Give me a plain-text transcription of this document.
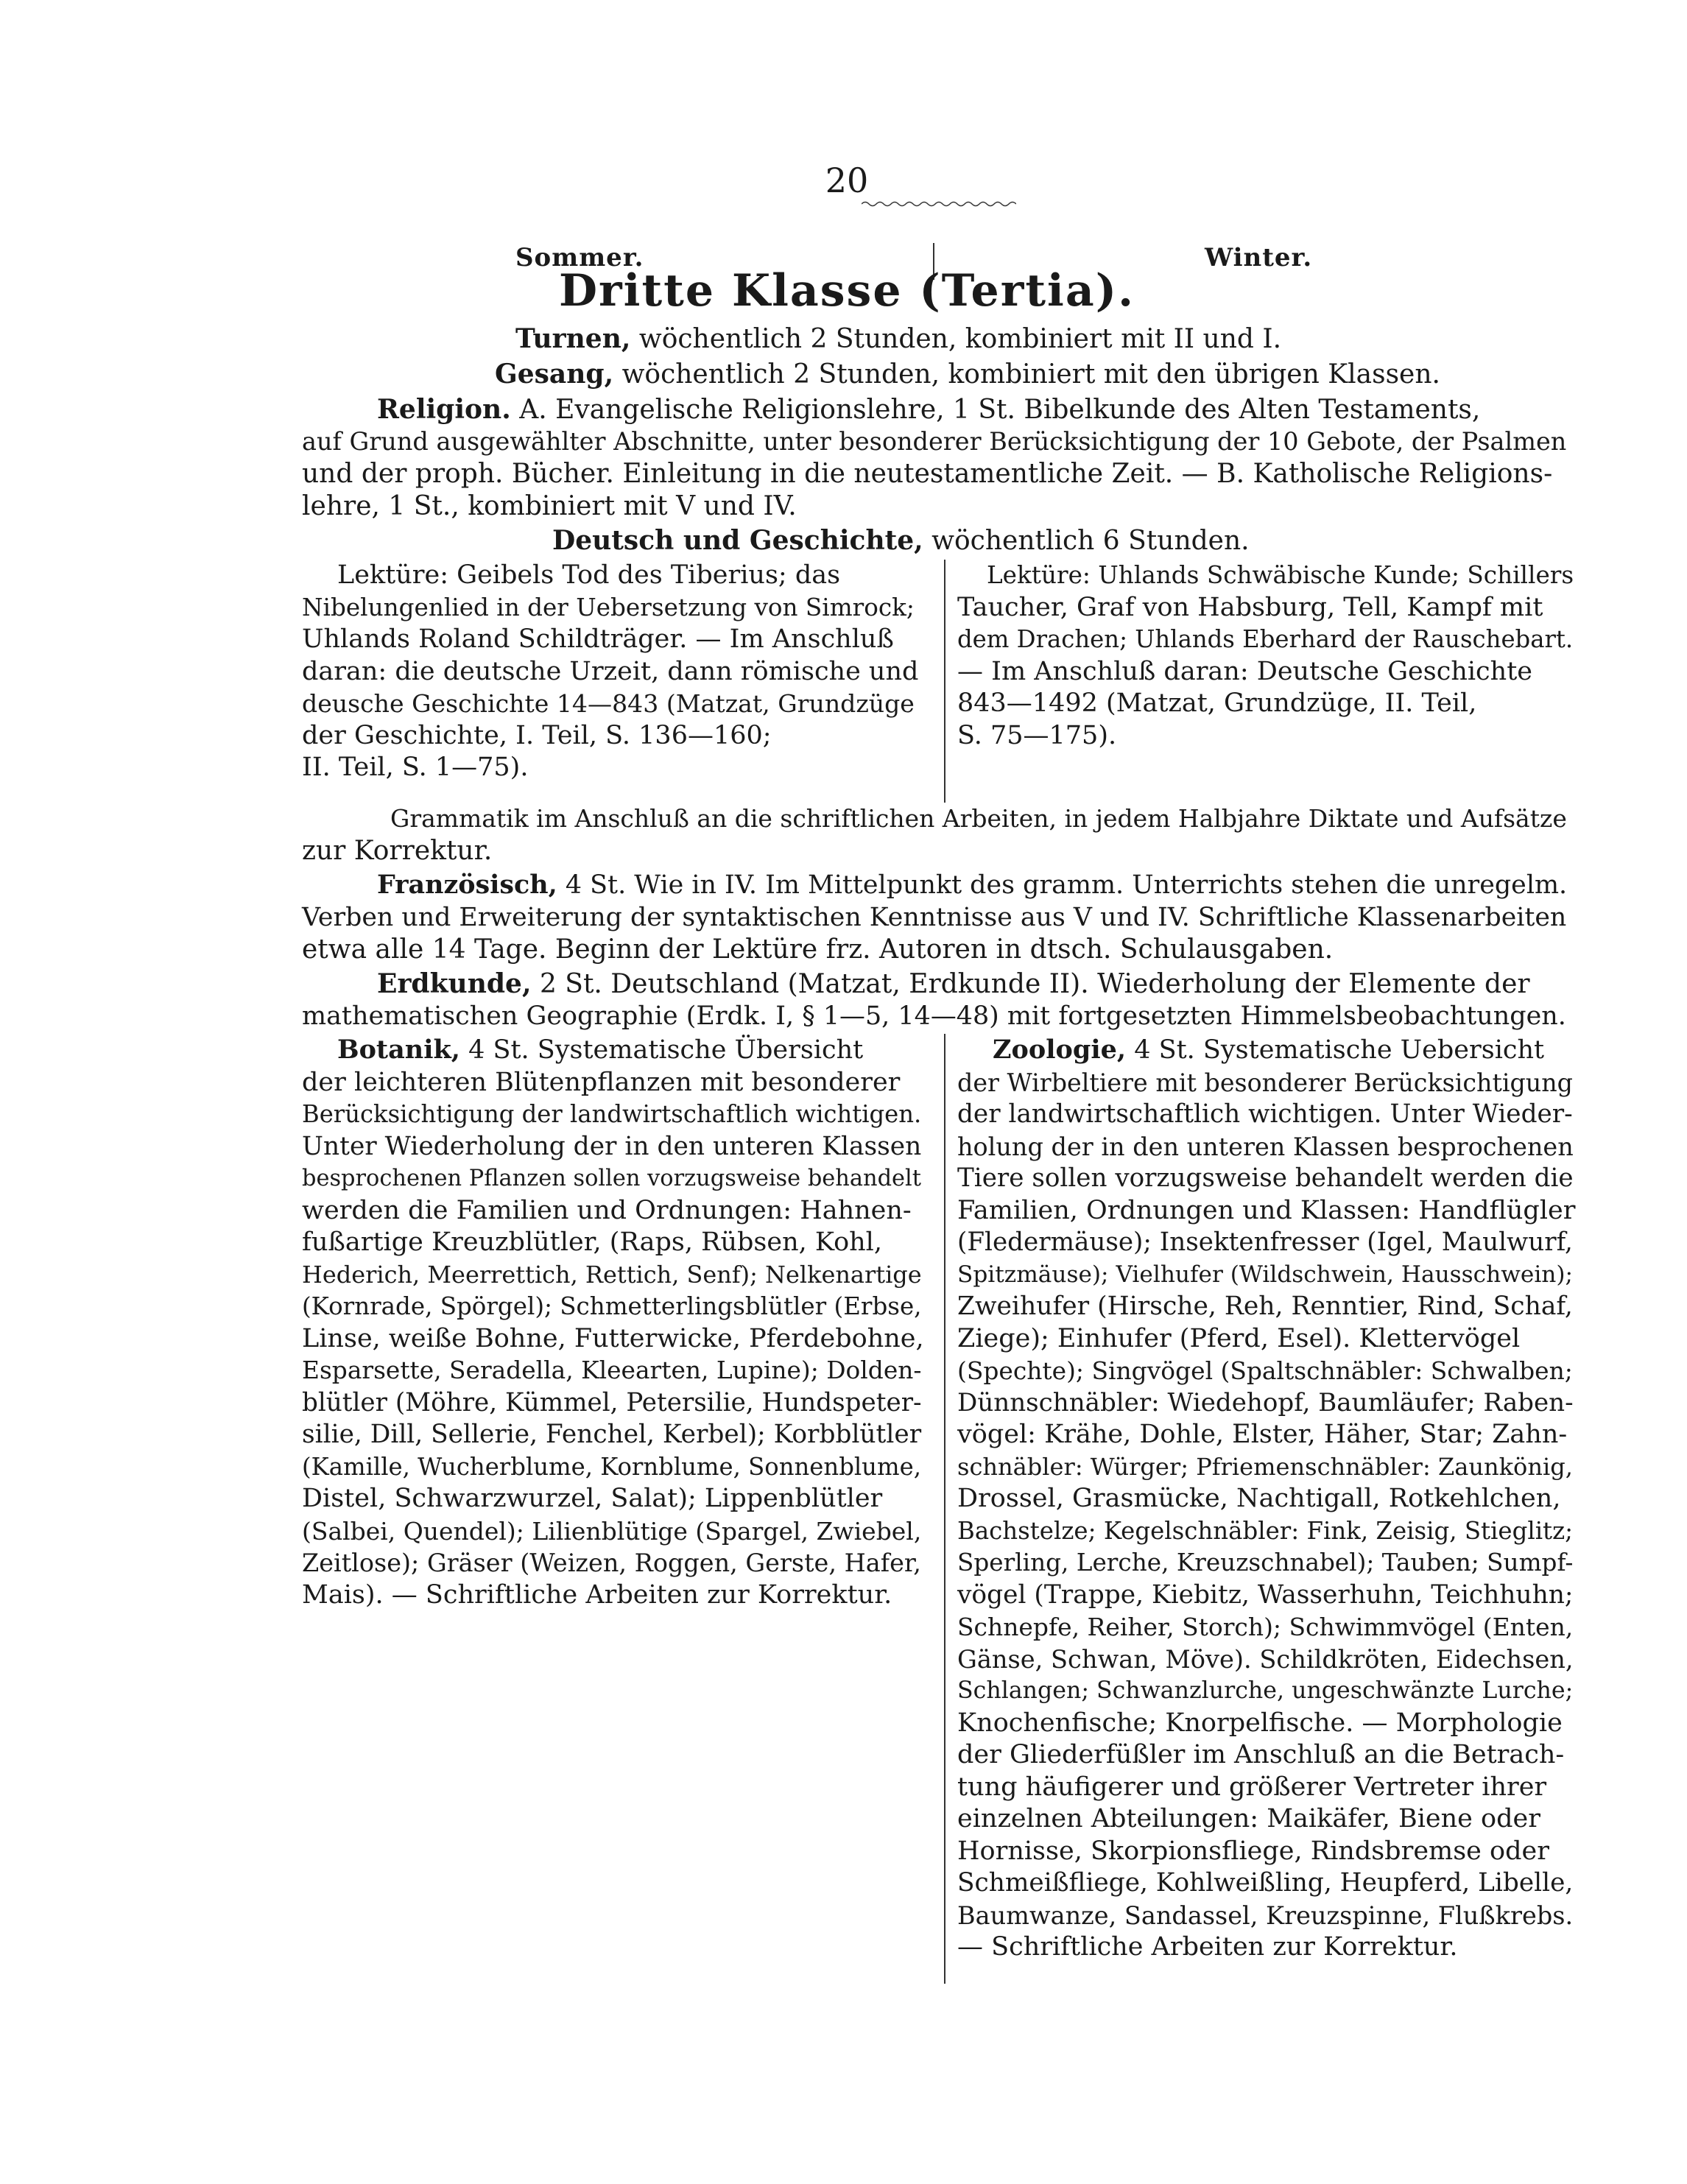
20
Sommer.	Winter.
Dritte Klasse (Tertia).
Turnen, wöchentlich 2 Stunden, kombiniert mit II und I.
Gesang, wöchentlich 2 Stunden, kombiniert mit den übrigen Klassen.
Religion. A. Evangelische Religionslehre, 1 St. Bibelkunde des Alten Testaments,
auf Grund ausgewählter Abschnitte, unter besonderer Berücksichtigung der 10 Gebote, der Psalmen
und der proph. Bücher. Einleitung in die neutestamentliche Zeit. — B. Katholische Religions-
lehre, 1 St., kombiniert mit V und IV.
Deutsch und Geschichte, wöchentlich 6 Stunden.
Lektüre: Geibels Tod des Tiberius; das
Nibelungenlied in der Uebersetzung von Simrock;
Uhlands Roland Schildträger. — Im Anschluß
daran: die deutsche Urzeit, dann römische und
deusche Geschichte 14—843 (Matzat, Grundzüge
der Geschichte, I. Teil, S. 136—160;
II. Teil, S. 1—75).
Lektüre: Uhlands Schwäbische Kunde; Schillers
Taucher, Graf von Habsburg, Tell, Kampf mit
dem Drachen; Uhlands Eberhard der Rauschebart.
— Im Anschluß daran: Deutsche Geschichte
843—1492 (Matzat, Grundzüge, II. Teil,
S. 75—175).
Grammatik im Anschluß an die schriftlichen Arbeiten, in jedem Halbjahre Diktate und Aufsätze
zur Korrektur.
Französisch, 4 St. Wie in IV. Im Mittelpunkt des gramm. Unterrichts stehen die unregelm.
Verben und Erweiterung der syntaktischen Kenntnisse aus V und IV. Schriftliche Klassenarbeiten
etwa alle 14 Tage. Beginn der Lektüre frz. Autoren in dtsch. Schulausgaben.
Erdkunde, 2 St. Deutschland (Matzat, Erdkunde II). Wiederholung der Elemente der
mathematischen Geographie (Erdk. I, § 1—5, 14—48) mit fortgesetzten Himmelsbeobachtungen.
Botanik, 4 St. Systematische Übersicht
der leichteren Blütenpflanzen mit besonderer
Berücksichtigung der landwirtschaftlich wichtigen.
Unter Wiederholung der in den unteren Klassen
besprochenen Pflanzen sollen vorzugsweise behandelt
werden die Familien und Ordnungen: Hahnen-
fußartige Kreuzblütler, (Raps, Rübsen, Kohl,
Hederich, Meerrettich, Rettich, Senf); Nelkenartige
(Kornrade, Spörgel); Schmetterlingsblütler (Erbse,
Linse, weiße Bohne, Futterwicke, Pferdebohne,
Esparsette, Seradella, Kleearten, Lupine); Dolden-
blütler (Möhre, Kümmel, Petersilie, Hundspeter-
silie, Dill, Sellerie, Fenchel, Kerbel); Korbblütler
(Kamille, Wucherblume, Kornblume, Sonnenblume,
Distel, Schwarzwurzel, Salat); Lippenblütler
(Salbei, Quendel); Lilienblütige (Spargel, Zwiebel,
Zeitlose); Gräser (Weizen, Roggen, Gerste, Hafer,
Mais). — Schriftliche Arbeiten zur Korrektur.
Zoologie, 4 St. Systematische Uebersicht
der Wirbeltiere mit besonderer Berücksichtigung
der landwirtschaftlich wichtigen. Unter Wieder-
holung der in den unteren Klassen besprochenen
Tiere sollen vorzugsweise behandelt werden die
Familien, Ordnungen und Klassen: Handflügler
(Fledermäuse); Insektenfresser (Igel, Maulwurf,
Spitzmäuse); Vielhufer (Wildschwein, Hausschwein);
Zweihufer (Hirsche, Reh, Renntier, Rind, Schaf,
Ziege); Einhufer (Pferd, Esel). Klettervögel
(Spechte); Singvögel (Spaltschnäbler: Schwalben;
Dünnschnäbler: Wiedehopf, Baumläufer; Raben-
vögel: Krähe, Dohle, Elster, Häher, Star; Zahn-
schnäbler: Würger; Pfriemenschnäbler: Zaunkönig,
Drossel, Grasmücke, Nachtigall, Rotkehlchen,
Bachstelze; Kegelschnäbler: Fink, Zeisig, Stieglitz;
Sperling, Lerche, Kreuzschnabel); Tauben; Sumpf-
vögel (Trappe, Kiebitz, Wasserhuhn, Teichhuhn;
Schnepfe, Reiher, Storch); Schwimmvögel (Enten,
Gänse, Schwan, Möve). Schildkröten, Eidechsen,
Schlangen; Schwanzlurche, ungeschwänzte Lurche;
Knochenfische; Knorpelfische. — Morphologie
der Gliederfüßler im Anschluß an die Betrach-
tung häufigerer und größerer Vertreter ihrer
einzelnen Abteilungen: Maikäfer, Biene oder
Hornisse, Skorpionsfliege, Rindsbremse oder
Schmeißfliege, Kohlweißling, Heupferd, Libelle,
Baumwanze, Sandassel, Kreuzspinne, Flußkrebs.
— Schriftliche Arbeiten zur Korrektur.
